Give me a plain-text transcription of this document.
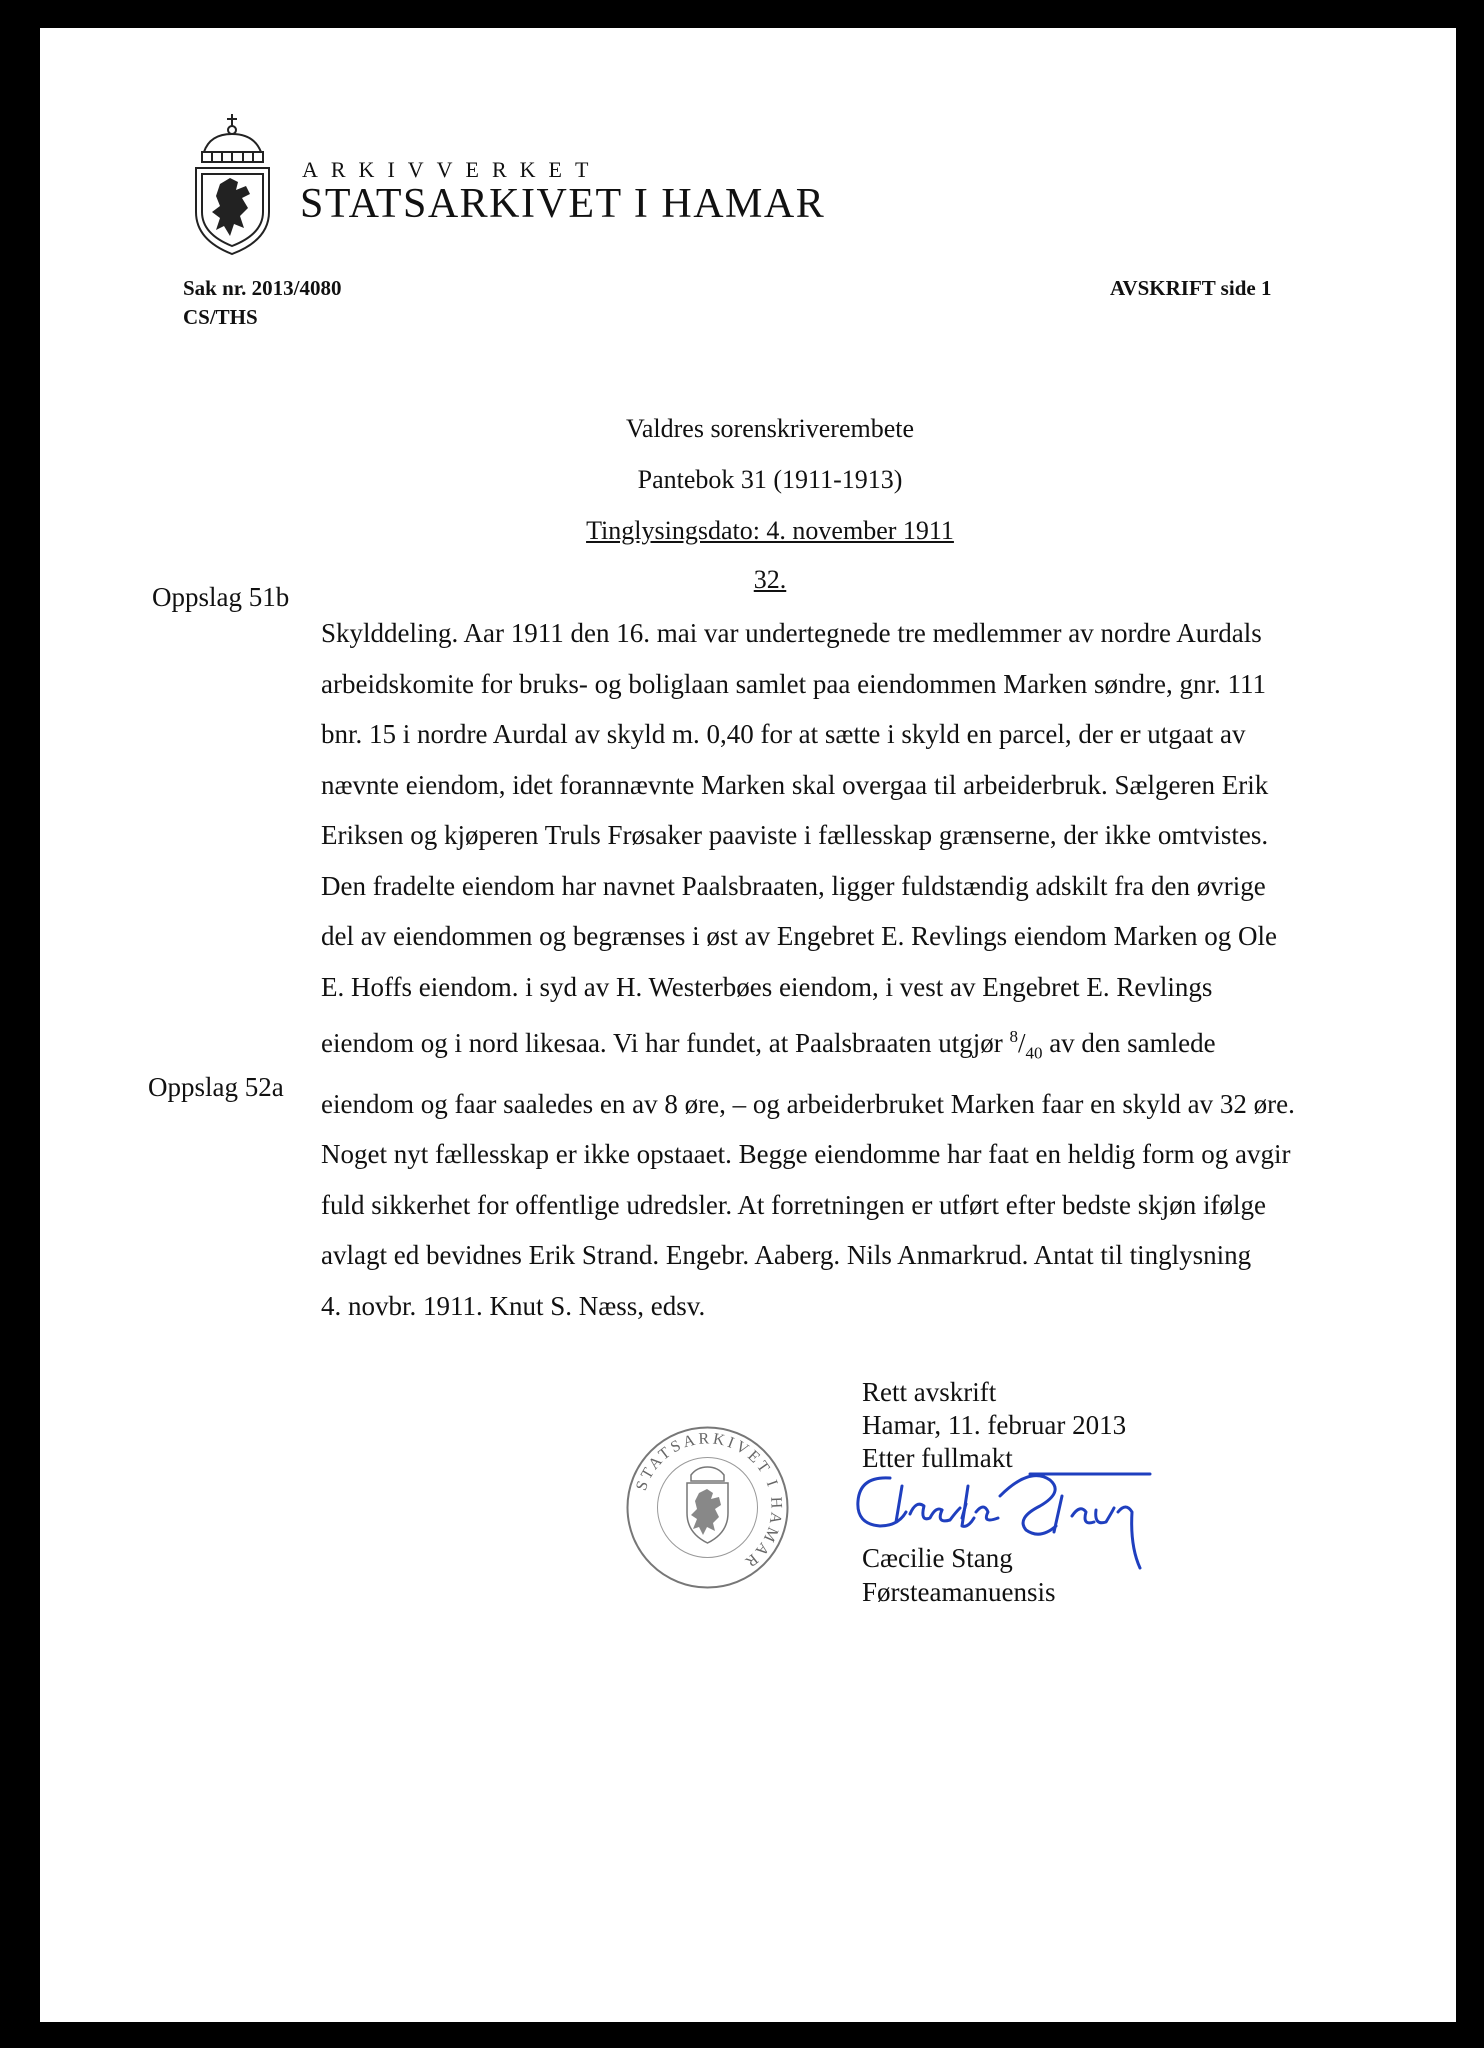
ARKIVVERKET
STATSARKIVET I HAMAR
Sak nr. 2013/4080
CS/THS
AVSKRIFT side 1
Valdres sorenskriverembete
Pantebok 31 (1911-1913)
Tinglysingsdato: 4. november 1911
32.
Oppslag 51b
Oppslag 52a

Skylddeling. Aar 1911 den 16. mai var undertegnede tre medlemmer av nordre Aurdals

arbeidskomite for bruks- og boliglaan samlet paa eiendommen Marken søndre, gnr. 111

bnr. 15 i nordre Aurdal av skyld m. 0,40 for at sætte i skyld en parcel, der er utgaat av

nævnte eiendom, idet forannævnte Marken skal overgaa til arbeiderbruk. Sælgeren Erik

Eriksen og kjøperen Truls Frøsaker paaviste i fællesskap grænserne, der ikke omtvistes.

Den fradelte eiendom har navnet Paalsbraaten, ligger fuldstændig adskilt fra den øvrige

del av eiendommen og begrænses i øst av Engebret E. Revlings eiendom Marken og Ole

E. Hoffs eiendom. i syd av H. Westerbøes eiendom, i vest av Engebret E. Revlings

eiendom og i nord likesaa. Vi har fundet, at Paalsbraaten utgjør $^8/_{40}$ av den samlede

eiendom og faar saaledes en av 8 øre, – og arbeiderbruket Marken faar en skyld av 32 øre.

Noget nyt fællesskap er ikke opstaaet. Begge eiendomme har faat en heldig form og avgir

fuld sikkerhet for offentlige udredsler. At forretningen er utført efter bedste skjøn ifølge

avlagt ed bevidnes Erik Strand. Engebr. Aaberg. Nils Anmarkrud. Antat til tinglysning

4. novbr. 1911. Knut S. Næss, edsv.

Rett avskrift
Hamar, 11. februar 2013
Etter fullmakt
Cæcilie Stang
Førsteamanuensis
STATSARKIVET I HAMAR
